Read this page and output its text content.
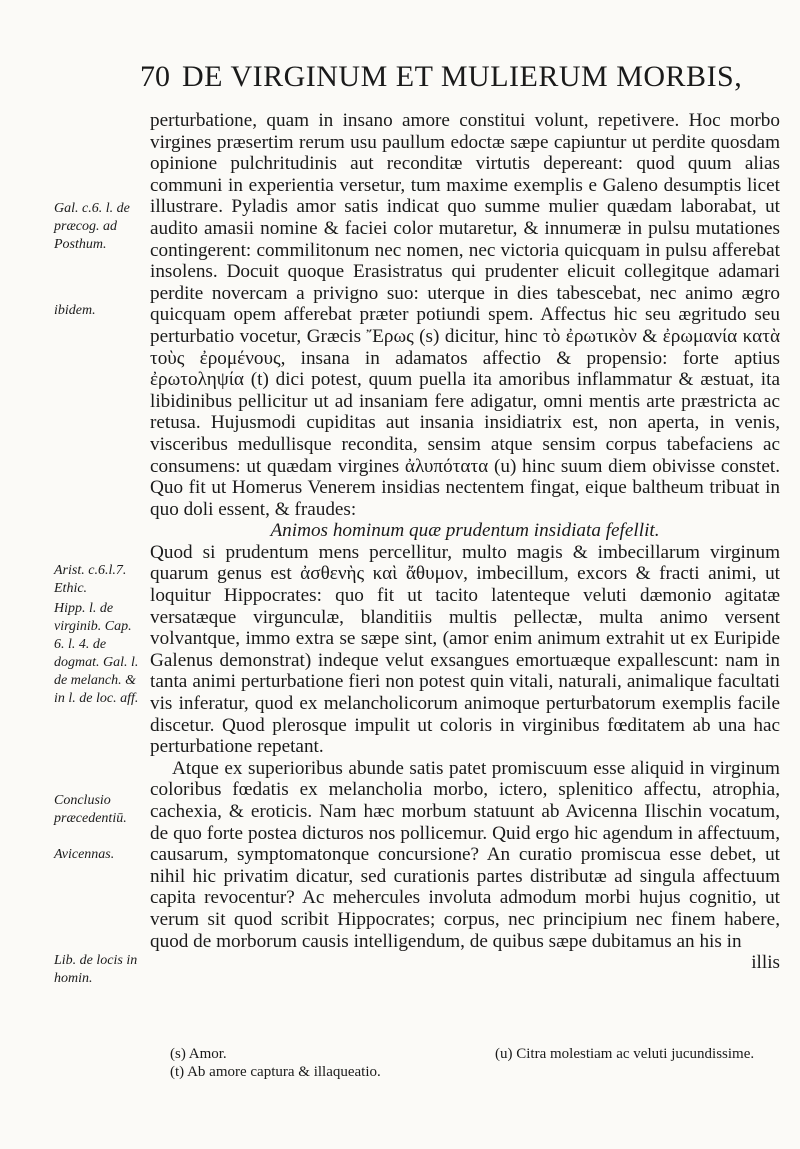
70 DE VIRGINUM ET MULIERUM MORBIS,
Gal. c.6. l. de præcog. ad Posthum.
ibidem.
Arist. c.6.l.7. Ethic.
Hipp. l. de virginib. Cap. 6. l. 4. de dogmat. Gal. l. de melanch. & in l. de loc. aff.
Conclusio præcedentiū.
Avicennas.
Lib. de locis in homin.

perturbatione, quam in insano amore constitui volunt, repetivere. Hoc morbo virgines præsertim rerum usu paullum edoctæ sæpe capiuntur ut perdite quosdam opinione pulchritudinis aut reconditæ virtutis depereant: quod quum alias communi in experientia versetur, tum maxime exemplis e Galeno desumptis licet illustrare. Pyladis amor satis indicat quo summe mulier quædam laborabat, ut audito amasii nomine & faciei color mutaretur, & innumeræ in pulsu mutationes contingerent: commilitonum nec nomen, nec victoria quicquam in pulsu afferebat insolens. Docuit quoque Erasistratus qui prudenter elicuit collegitque adamari perdite novercam a privigno suo: uterque in dies tabescebat, nec animo ægro quicquam opem afferebat præter potiundi spem. Affectus hic seu ægritudo seu perturbatio vocetur, Græcis Ἔρως (s) dicitur, hinc τὸ ἐρωτικὸν & ἐρωμανία κατὰ τοὺς ἐρομένους, insana in adamatos affectio & propensio: forte aptius ἐρωτοληψία (t) dici potest, quum puella ita amoribus inflammatur & æstuat, ita libidinibus pellicitur ut ad insaniam fere adigatur, omni mentis arte præstricta ac retusa. Hujusmodi cupiditas aut insania insidiatrix est, non aperta, in venis, visceribus medullisque recondita, sensim atque sensim corpus tabefaciens ac consumens: ut quædam virgines ἀλυπότατα (u) hinc suum diem obivisse constet. Quo fit ut Homerus Venerem insidias nectentem fingat, eique baltheum tribuat in quo doli essent, & fraudes:

Animos hominum quæ prudentum insidiata fefellit.

Quod si prudentum mens percellitur, multo magis & imbecillarum virginum quarum genus est ἀσθενὴς καὶ ἄθυμον, imbecillum, excors & fracti animi, ut loquitur Hippocrates: quo fit ut tacito latenteque veluti dæmonio agitatæ versatæque virgunculæ, blanditiis multis pellectæ, multa animo versent volvantque, immo extra se sæpe sint, (amor enim animum extrahit ut ex Euripide Galenus demonstrat) indeque velut exsangues emortuæque expallescunt: nam in tanta animi perturbatione fieri non potest quin vitali, naturali, animalique facultati vis inferatur, quod ex melancholicorum animoque perturbatorum exemplis facile discetur. Quod plerosque impulit ut coloris in virginibus fœditatem ab una hac perturbatione repetant.

Atque ex superioribus abunde satis patet promiscuum esse aliquid in virginum coloribus fœdatis ex melancholia morbo, ictero, splenitico affectu, atrophia, cachexia, & eroticis. Nam hæc morbum statuunt ab Avicenna Ilischin vocatum, de quo forte postea dicturos nos pollicemur. Quid ergo hic agendum in affectuum, causarum, symptomatonque concursione? An curatio promiscua esse debet, ut nihil hic privatim dicatur, sed curationis partes distributæ ad singula affectuum capita revocentur? Ac mehercules involuta admodum morbi hujus cognitio, ut verum sit quod scribit Hippocrates; corpus, nec principium nec finem habere, quod de morborum causis intelligendum, de quibus sæpe dubitamus an his in

illis

(s) Amor.
(t) Ab amore captura & illaqueatio.
(u) Citra molestiam ac veluti jucundissime.
